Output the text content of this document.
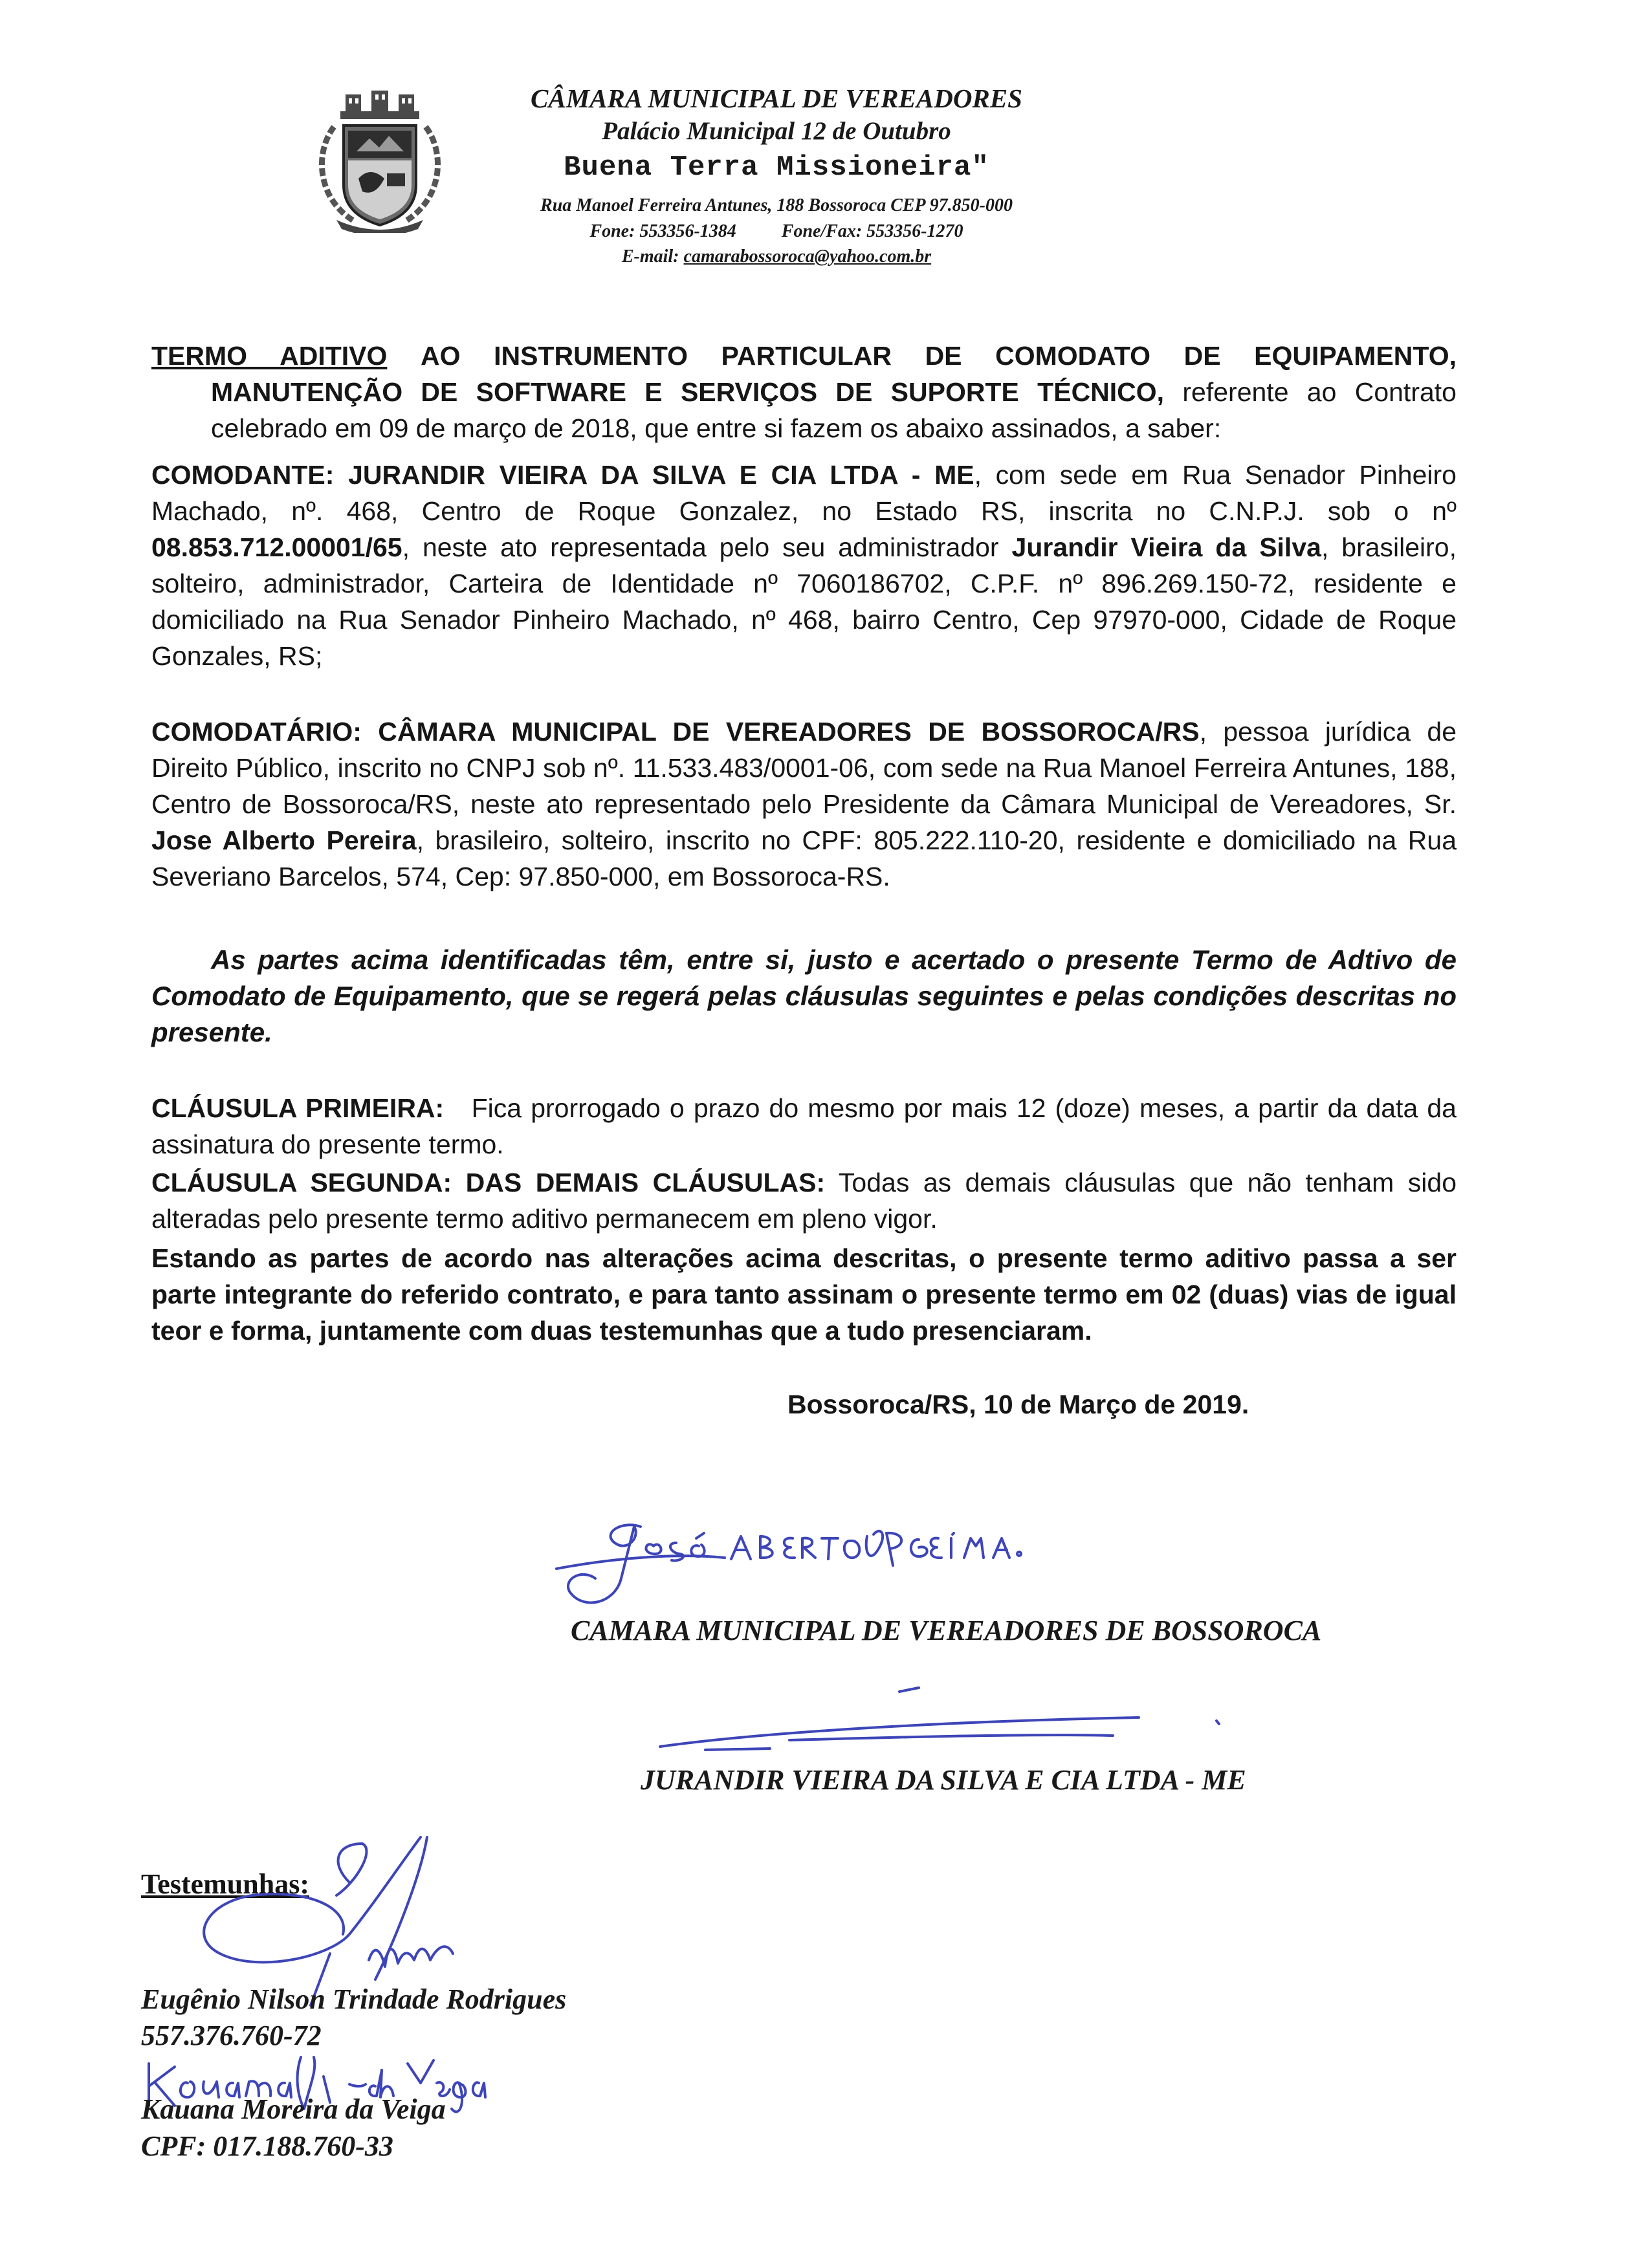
CÂMARA MUNICIPAL DE VEREADORES
Palácio Municipal 12 de Outubro
Buena Terra Missioneira"
Rua Manoel Ferreira Antunes, 188 Bossoroca CEP 97.850-000
Fone: 553356-1384	Fone/Fax: 553356-1270
E-mail: camarabossoroca@yahoo.com.br
TERMO ADITIVO AO INSTRUMENTO PARTICULAR DE COMODATO DE EQUIPAMENTO,
MANUTENÇÃO DE SOFTWARE E SERVIÇOS DE SUPORTE TÉCNICO, referente ao Contrato
celebrado em 09 de março de 2018, que entre si fazem os abaixo assinados, a saber:
COMODANTE: JURANDIR VIEIRA DA SILVA E CIA LTDA - ME, com sede em Rua Senador Pinheiro Machado, nº. 468, Centro de Roque Gonzalez, no Estado RS, inscrita no C.N.P.J. sob o nº 08.853.712.00001/65, neste ato representada pelo seu administrador Jurandir Vieira da Silva, brasileiro, solteiro, administrador, Carteira de Identidade nº 7060186702, C.P.F. nº 896.269.150-72, residente e domiciliado na Rua Senador Pinheiro Machado, nº 468, bairro Centro, Cep 97970-000, Cidade de Roque
Gonzales, RS;
COMODATÁRIO: CÂMARA MUNICIPAL DE VEREADORES DE BOSSOROCA/RS, pessoa jurídica de Direito Público, inscrito no CNPJ sob nº. 11.533.483/0001-06, com sede na Rua Manoel Ferreira Antunes, 188, Centro de Bossoroca/RS, neste ato representado pelo Presidente da Câmara Municipal de Vereadores, Sr. Jose Alberto Pereira, brasileiro, solteiro, inscrito no CPF: 805.222.110-20, residente e domiciliado na Rua
Severiano Barcelos, 574, Cep: 97.850-000, em Bossoroca-RS.
As partes acima identificadas têm, entre si, justo e acertado o presente Termo de Adtivo de Comodato de Equipamento, que se regerá pelas cláusulas seguintes e pelas condições descritas no
presente.
CLÁUSULA PRIMEIRA: Fica prorrogado o prazo do mesmo por mais 12 (doze) meses, a partir da data da
assinatura do presente termo.
CLÁUSULA SEGUNDA: DAS DEMAIS CLÁUSULAS: Todas as demais cláusulas que não tenham sido
alteradas pelo presente termo aditivo permanecem em pleno vigor.
Estando as partes de acordo nas alterações acima descritas, o presente termo aditivo passa a ser parte integrante do referido contrato, e para tanto assinam o presente termo em 02 (duas) vias de igual
teor e forma, juntamente com duas testemunhas que a tudo presenciaram.
Bossoroca/RS, 10 de Março de 2019.
CAMARA MUNICIPAL DE VEREADORES DE BOSSOROCA
JURANDIR VIEIRA DA SILVA E CIA LTDA - ME
Testemunhas:
Eugênio Nilson Trindade Rodrigues
557.376.760-72
Kauana Moreira da Veiga
CPF: 017.188.760-33
